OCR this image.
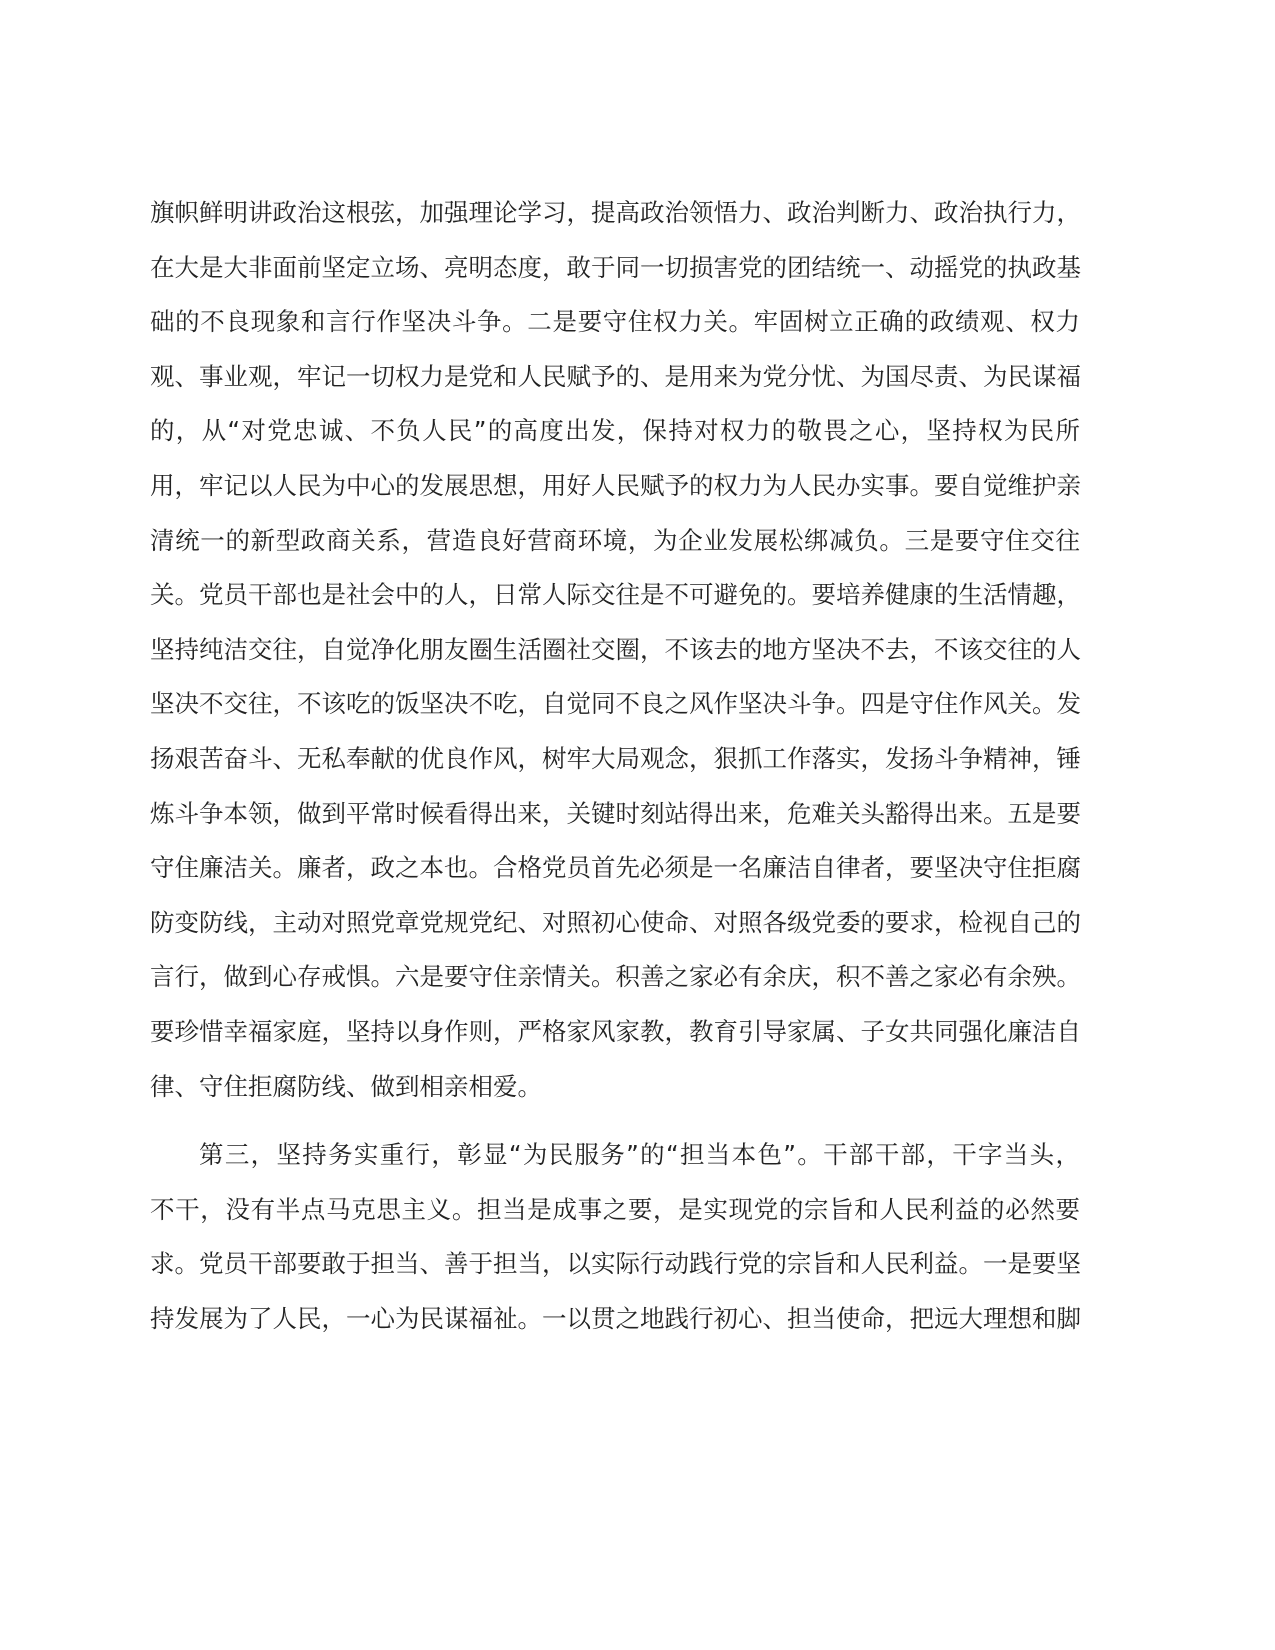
旗帜鲜明讲政治这根弦，加强理论学习，提高政治领悟力、政治判断力、政治执行力，
在大是大非面前坚定立场、亮明态度，敢于同一切损害党的团结统一、动摇党的执政基
础的不良现象和言行作坚决斗争。二是要守住权力关。牢固树立正确的政绩观、权力
观、事业观，牢记一切权力是党和人民赋予的、是用来为党分忧、为国尽责、为民谋福
的，从“对党忠诚、不负人民”的高度出发，保持对权力的敬畏之心，坚持权为民所
用，牢记以人民为中心的发展思想，用好人民赋予的权力为人民办实事。要自觉维护亲
清统一的新型政商关系，营造良好营商环境，为企业发展松绑减负。三是要守住交往
关。党员干部也是社会中的人，日常人际交往是不可避免的。要培养健康的生活情趣，
坚持纯洁交往，自觉净化朋友圈生活圈社交圈，不该去的地方坚决不去，不该交往的人
坚决不交往，不该吃的饭坚决不吃，自觉同不良之风作坚决斗争。四是守住作风关。发
扬艰苦奋斗、无私奉献的优良作风，树牢大局观念，狠抓工作落实，发扬斗争精神，锤
炼斗争本领，做到平常时候看得出来，关键时刻站得出来，危难关头豁得出来。五是要
守住廉洁关。廉者，政之本也。合格党员首先必须是一名廉洁自律者，要坚决守住拒腐
防变防线，主动对照党章党规党纪、对照初心使命、对照各级党委的要求，检视自己的
言行，做到心存戒惧。六是要守住亲情关。积善之家必有余庆，积不善之家必有余殃。
要珍惜幸福家庭，坚持以身作则，严格家风家教，教育引导家属、子女共同强化廉洁自
律、守住拒腐防线、做到相亲相爱。
第三，坚持务实重行，彰显“为民服务”的“担当本色”。干部干部，干字当头，
不干，没有半点马克思主义。担当是成事之要，是实现党的宗旨和人民利益的必然要
求。党员干部要敢于担当、善于担当，以实际行动践行党的宗旨和人民利益。一是要坚
持发展为了人民，一心为民谋福祉。一以贯之地践行初心、担当使命，把远大理想和脚
